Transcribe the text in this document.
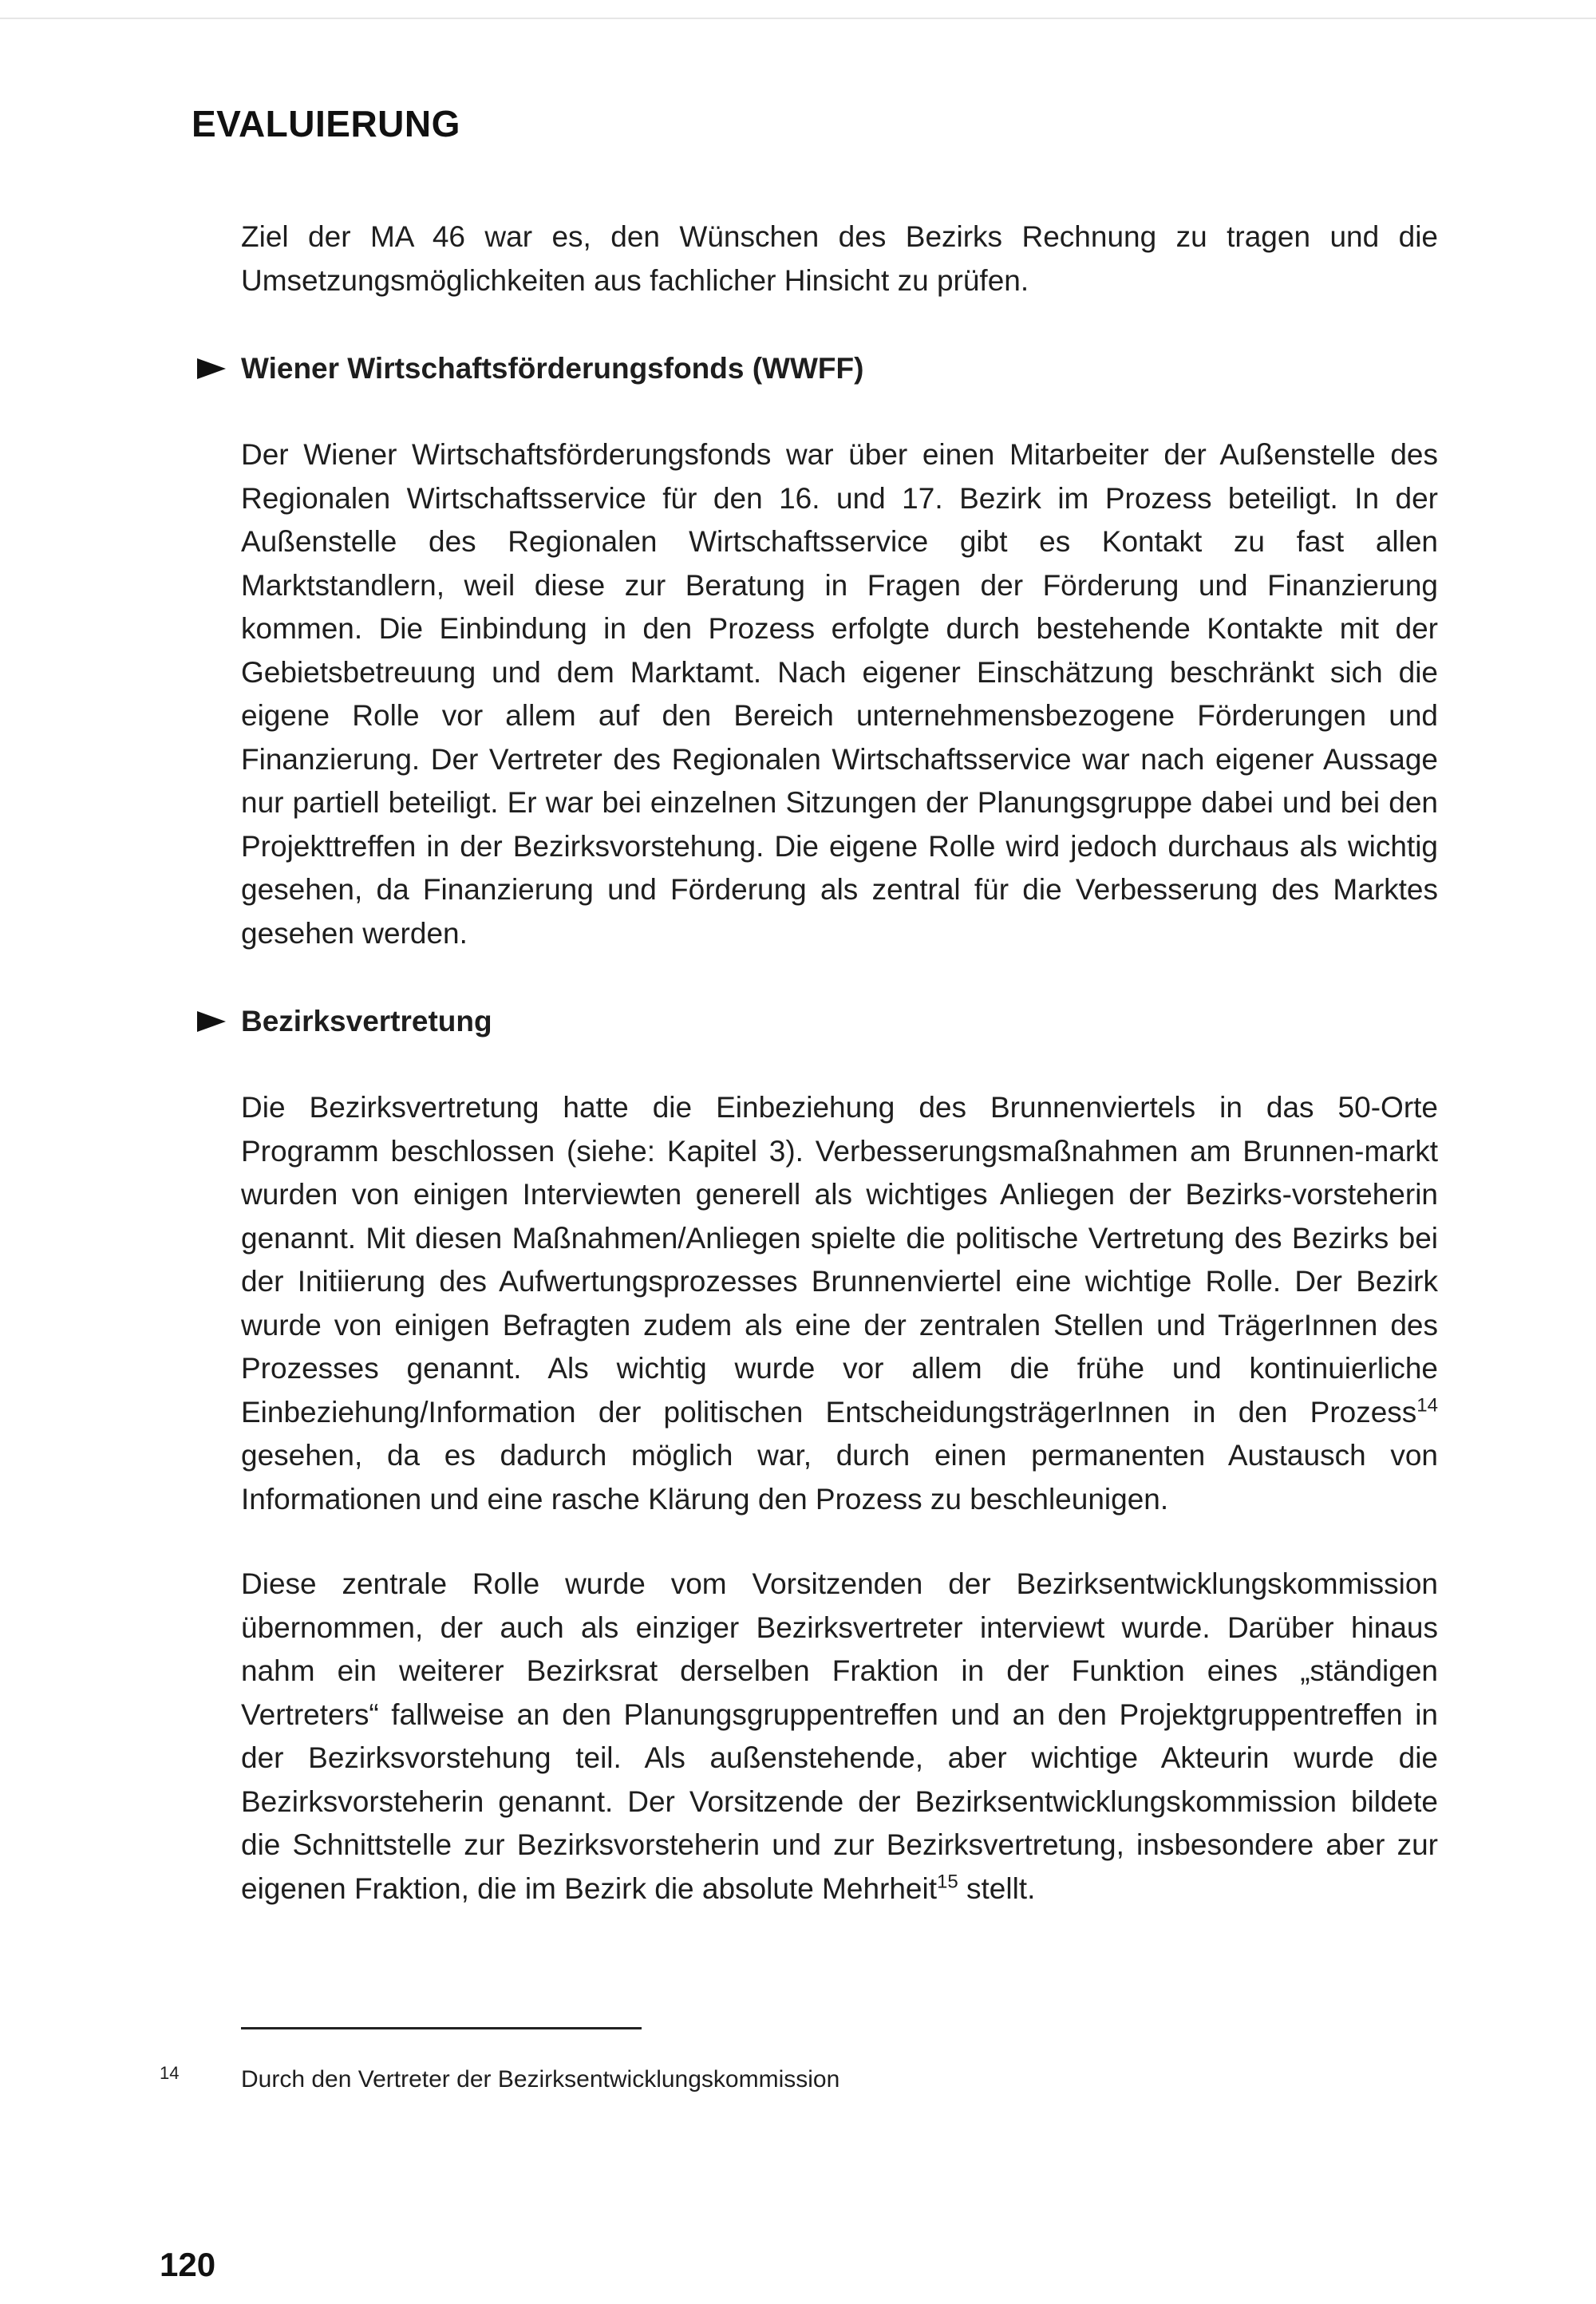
EVALUIERUNG

Ziel der MA 46 war es, den Wünschen des Bezirks Rechnung zu tragen und die Umsetzungsmöglichkeiten aus fachlicher Hinsicht zu prüfen.

Wiener Wirtschaftsförderungsfonds (WWFF)

Der Wiener Wirtschaftsförderungsfonds war über einen Mitarbeiter der Außenstelle des Regionalen Wirtschaftsservice für den 16. und 17. Bezirk im Prozess beteiligt. In der Außenstelle des Regionalen Wirtschaftsservice gibt es Kontakt zu fast allen Marktstandlern, weil diese zur Beratung in Fragen der Förderung und Finanzierung kommen. Die Einbindung in den Prozess erfolgte durch bestehende Kontakte mit der Gebietsbetreuung und dem Marktamt. Nach eigener Einschätzung beschränkt sich die eigene Rolle vor allem auf den Bereich unternehmensbezogene Förderungen und Finanzierung. Der Vertreter des Regionalen Wirtschaftsservice war nach eigener Aussage nur partiell beteiligt. Er war bei einzelnen Sitzungen der Planungsgruppe dabei und bei den Projekttreffen in der Bezirksvorstehung. Die eigene Rolle wird jedoch durchaus als wichtig gesehen, da Finanzierung und Förderung als zentral für die Verbesserung des Marktes gesehen werden.

Bezirksvertretung

Die Bezirksvertretung hatte die Einbeziehung des Brunnenviertels in das 50-Orte Programm beschlossen (siehe: Kapitel 3). Verbesserungsmaßnahmen am Brunnen-markt wurden von einigen Interviewten generell als wichtiges Anliegen der Bezirks-vorsteherin genannt. Mit diesen Maßnahmen/Anliegen spielte die politische Vertretung des Bezirks bei der Initiierung des Aufwertungsprozesses Brunnenviertel eine wichtige Rolle. Der Bezirk wurde von einigen Befragten zudem als eine der zentralen Stellen und TrägerInnen des Prozesses genannt. Als wichtig wurde vor allem die frühe und kontinuierliche Einbeziehung/Information der politischen EntscheidungsträgerInnen in den Prozess$^{14}$ gesehen, da es dadurch möglich war, durch einen permanenten Austausch von Informationen und eine rasche Klärung den Prozess zu beschleunigen.

Diese zentrale Rolle wurde vom Vorsitzenden der Bezirksentwicklungskommission übernommen, der auch als einziger Bezirksvertreter interviewt wurde. Darüber hinaus nahm ein weiterer Bezirksrat derselben Fraktion in der Funktion eines „ständigen Vertreters“ fallweise an den Planungsgruppentreffen und an den Projektgruppentreffen in der Bezirksvorstehung teil. Als außenstehende, aber wichtige Akteurin wurde die Bezirksvorsteherin genannt. Der Vorsitzende der Bezirksentwicklungskommission bildete die Schnittstelle zur Bezirksvorsteherin und zur Bezirksvertretung, insbesondere aber zur eigenen Fraktion, die im Bezirk die absolute Mehrheit$^{15}$ stellt.

14	Durch den Vertreter der Bezirksentwicklungskommission
120
